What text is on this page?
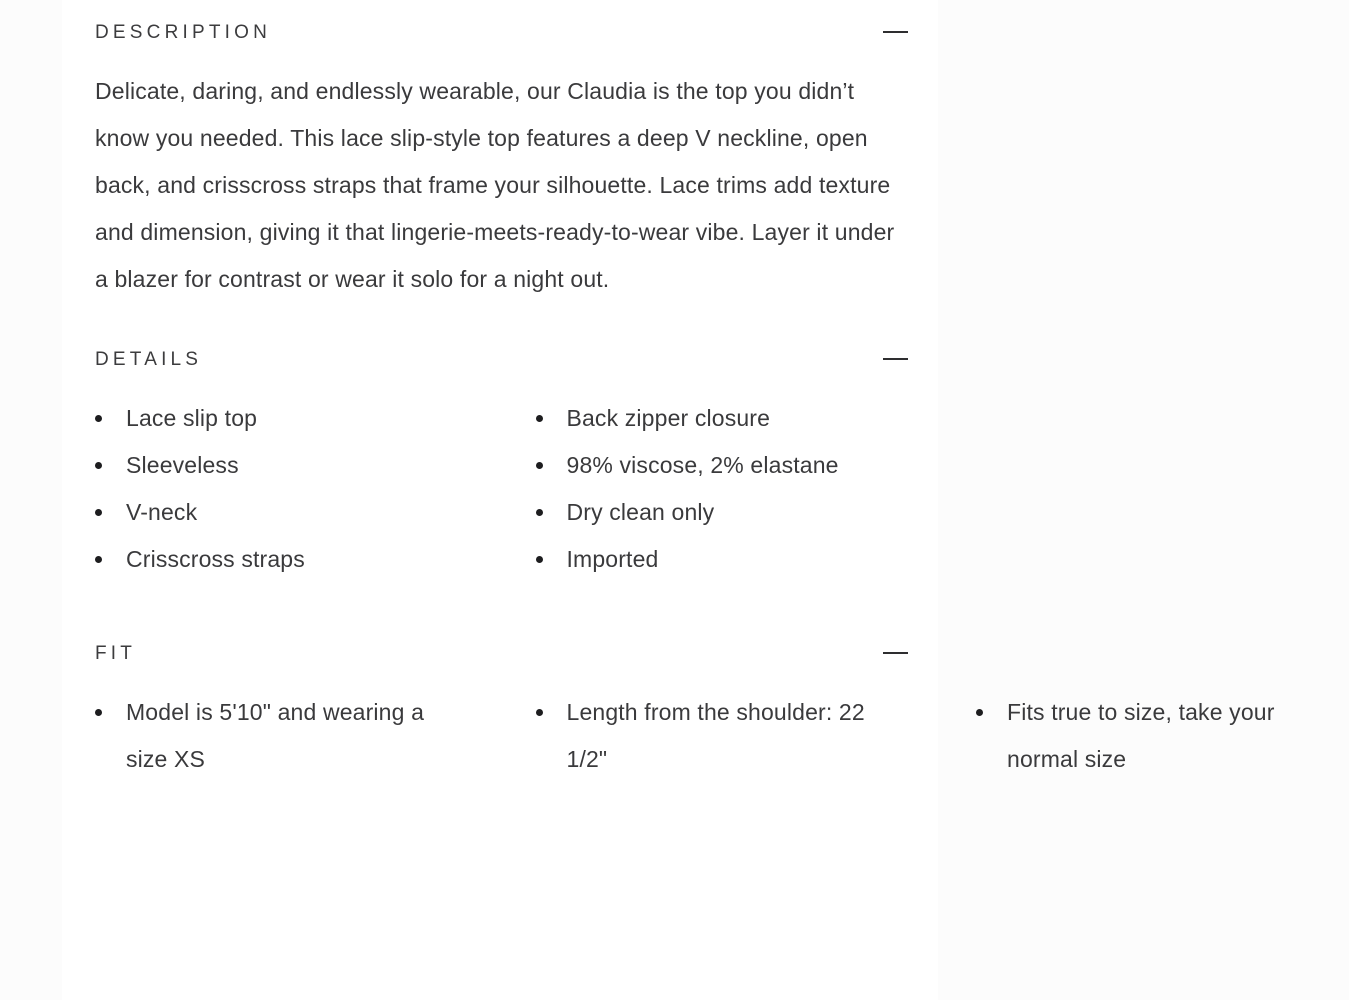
DESCRIPTION

Delicate, daring, and endlessly wearable, our Claudia is the top you didn’t know you needed. This lace slip-style top features a deep V neckline, open back, and crisscross straps that frame your silhouette. Lace trims add texture and dimension, giving it that lingerie-meets-ready-to-wear vibe. Layer it under a blazer for contrast or wear it solo for a night out.

DETAILS
Lace slip top
Sleeveless
V-neck
Crisscross straps
Back zipper closure
98% viscose, 2% elastane
Dry clean only
Imported
FIT
Model is 5'10" and wearing a size XS
Length from the shoulder: 22 1/2"
Fits true to size, take your normal size
